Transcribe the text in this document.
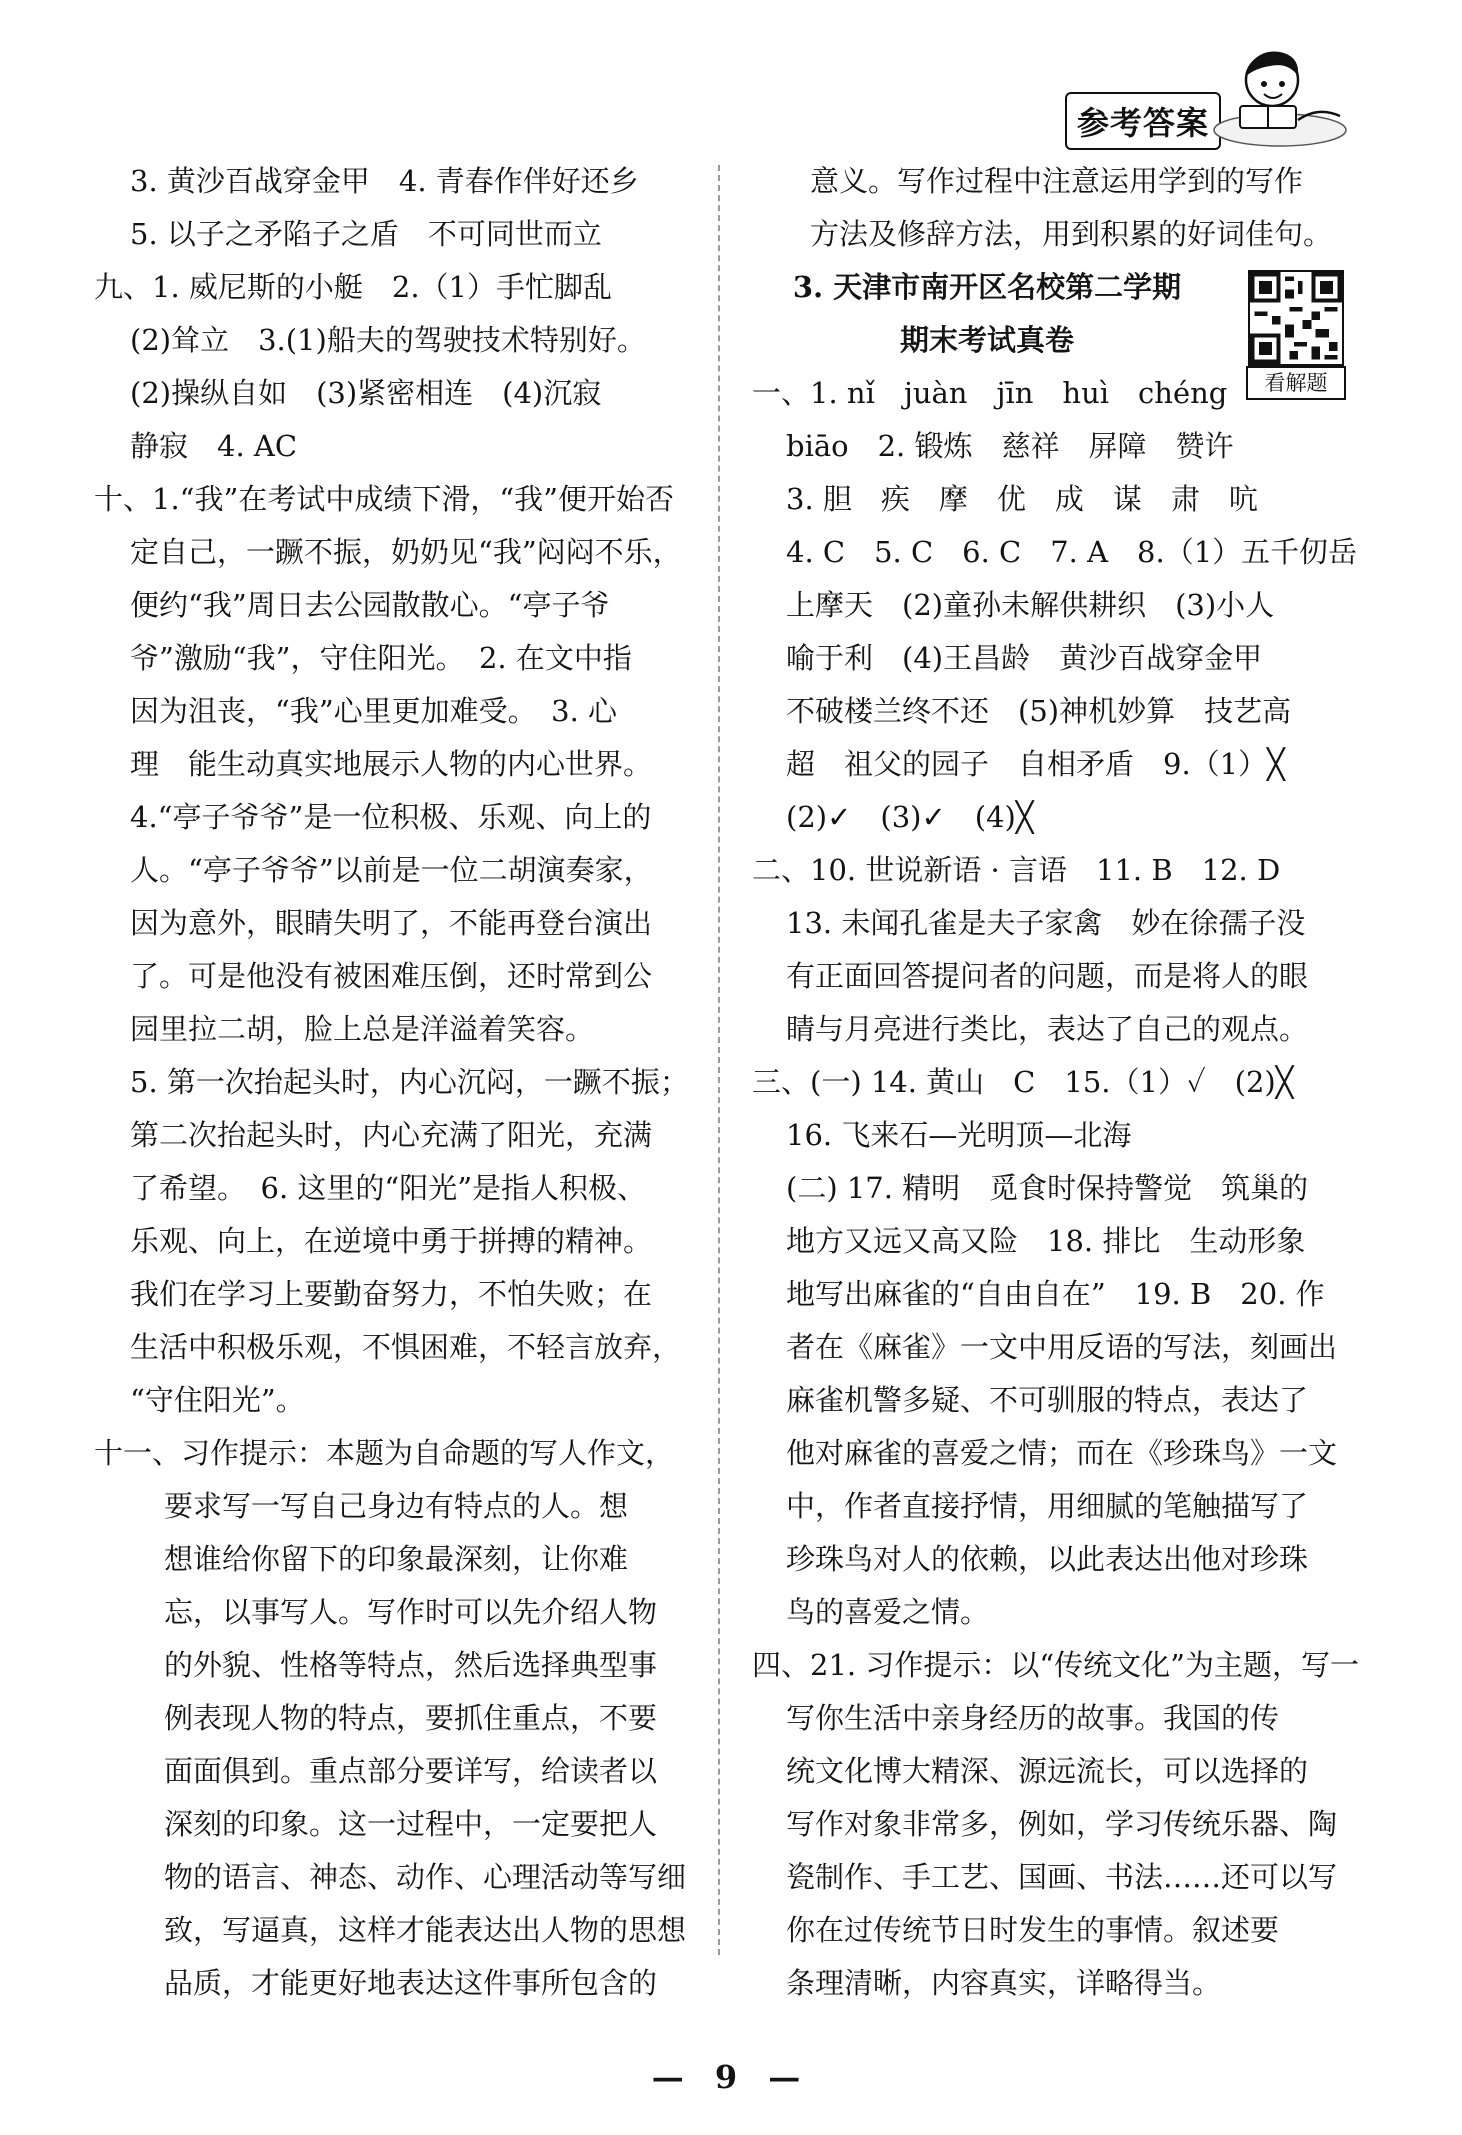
参考答案
3. 黄沙百战穿金甲　4. 青春作伴好还乡
5. 以子之矛陷子之盾　不可同世而立
九、1. 威尼斯的小艇　2.（1）手忙脚乱
(2)耸立　3.(1)船夫的驾驶技术特别好。
(2)操纵自如　(3)紧密相连　(4)沉寂
静寂　4. AC
十、1.“我”在考试中成绩下滑，“我”便开始否
定自己，一蹶不振，奶奶见“我”闷闷不乐，
便约“我”周日去公园散散心。“亭子爷
爷”激励“我”，守住阳光。　2. 在文中指
因为沮丧，“我”心里更加难受。　3. 心
理　能生动真实地展示人物的内心世界。
4.“亭子爷爷”是一位积极、乐观、向上的
人。“亭子爷爷”以前是一位二胡演奏家，
因为意外，眼睛失明了，不能再登台演出
了。可是他没有被困难压倒，还时常到公
园里拉二胡，脸上总是洋溢着笑容。
5. 第一次抬起头时，内心沉闷，一蹶不振；
第二次抬起头时，内心充满了阳光，充满
了希望。　6. 这里的“阳光”是指人积极、
乐观、向上，在逆境中勇于拼搏的精神。
我们在学习上要勤奋努力，不怕失败；在
生活中积极乐观，不惧困难，不轻言放弃，
“守住阳光”。
十一、习作提示：本题为自命题的写人作文，
要求写一写自己身边有特点的人。想
想谁给你留下的印象最深刻，让你难
忘，以事写人。写作时可以先介绍人物
的外貌、性格等特点，然后选择典型事
例表现人物的特点，要抓住重点，不要
面面俱到。重点部分要详写，给读者以
深刻的印象。这一过程中，一定要把人
物的语言、神态、动作、心理活动等写细
致，写逼真，这样才能表达出人物的思想
品质，才能更好地表达这件事所包含的
意义。写作过程中注意运用学到的写作
方法及修辞方法，用到积累的好词佳句。
3. 天津市南开区名校第二学期
期末考试真卷
一、1. nǐ　juàn　jīn　huì　chéng
biāo　2. 锻炼　慈祥　屏障　赞许
3. 胆　疾　摩　优　成　谋　肃　吭
4. C　5. C　6. C　7. A　8.（1）五千仞岳
上摩天　(2)童孙未解供耕织　(3)小人
喻于利　(4)王昌龄　黄沙百战穿金甲
不破楼兰终不还　(5)神机妙算　技艺高
超　祖父的园子　自相矛盾　9.（1）╳
(2)✓　(3)✓　(4)╳
二、10. 世说新语 · 言语　11. B　12. D
13. 未闻孔雀是夫子家禽　妙在徐孺子没
有正面回答提问者的问题，而是将人的眼
睛与月亮进行类比，表达了自己的观点。
三、(一) 14. 黄山　C　15.（1）✓　(2)╳
16. 飞来石—光明顶—北海
(二) 17. 精明　觅食时保持警觉　筑巢的
地方又远又高又险　18. 排比　生动形象
地写出麻雀的“自由自在”　19. B　20. 作
者在《麻雀》一文中用反语的写法，刻画出
麻雀机警多疑、不可驯服的特点，表达了
他对麻雀的喜爱之情；而在《珍珠鸟》一文
中，作者直接抒情，用细腻的笔触描写了
珍珠鸟对人的依赖，以此表达出他对珍珠
鸟的喜爱之情。
四、21. 习作提示：以“传统文化”为主题，写一
写你生活中亲身经历的故事。我国的传
统文化博大精深、源远流长，可以选择的
写作对象非常多，例如，学习传统乐器、陶
瓷制作、手工艺、国画、书法……还可以写
你在过传统节日时发生的事情。叙述要
条理清晰，内容真实，详略得当。
看解题
— 9 —
